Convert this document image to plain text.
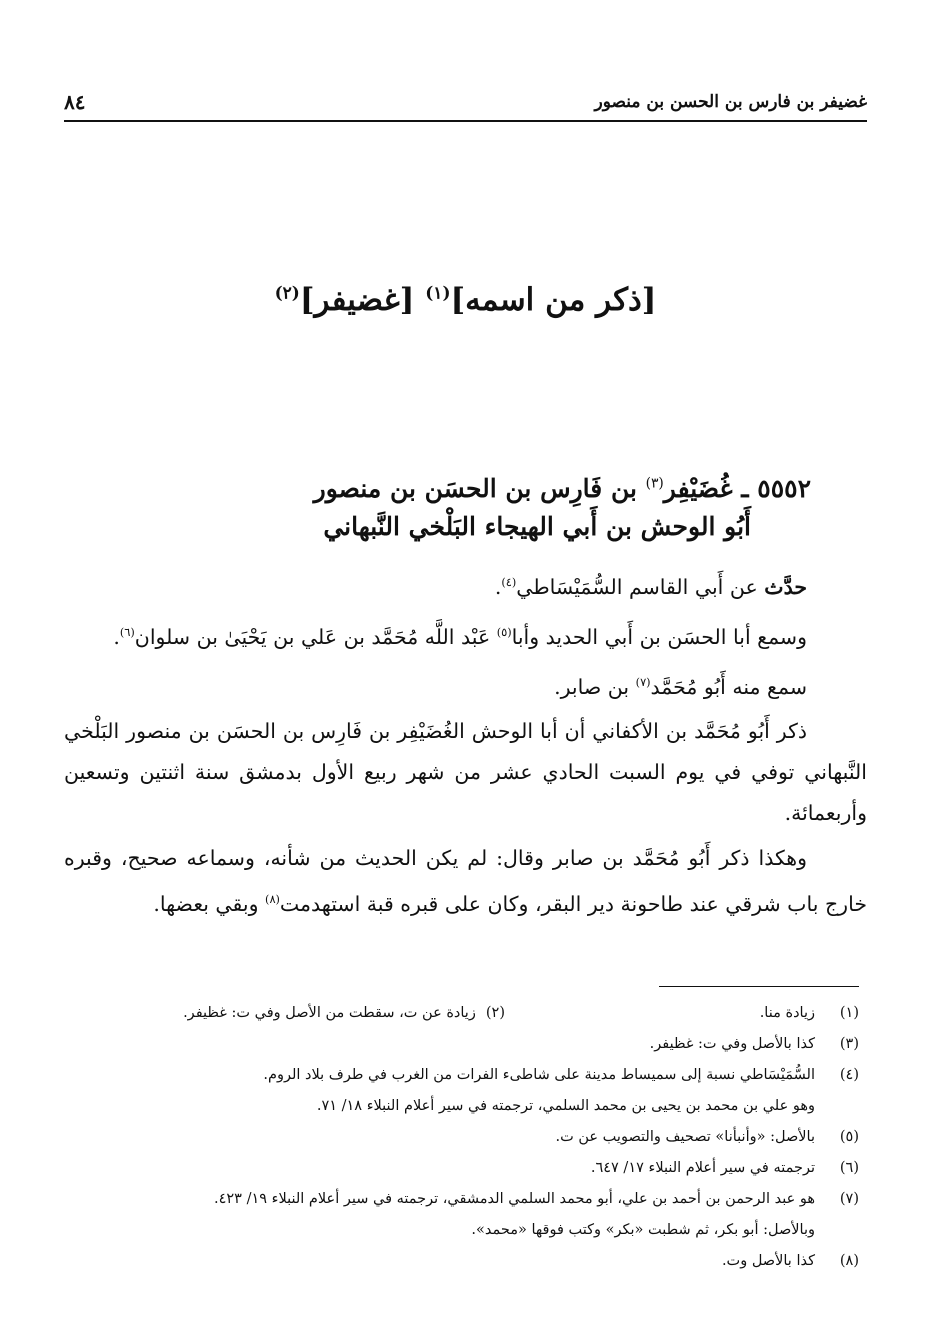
غضيفر بن فارس بن الحسن بن منصور
٨٤
[ذكر من اسمه]$^{(١)}$ [غضيفر]$^{(٢)}$
٥٥٥٢ ـ غُضَيْفِر$^{(٣)}$ بن فَارِس بن الحسَن بن منصور
أَبُو الوحش بن أَبي الهيجاء البَلْخي النَّبهاني

حدَّث عن أَبي القاسم السُّمَيْسَاطي$^{(٤)}$.

وسمع أبا الحسَن بن أَبي الحديد وأبا$^{(٥)}$ عَبْد اللَّه مُحَمَّد بن عَلي بن يَحْيَىٰ بن سلوان$^{(٦)}$.

سمع منه أَبُو مُحَمَّد$^{(٧)}$ بن صابر.

ذكر أَبُو مُحَمَّد بن الأكفاني أن أبا الوحش الغُضَيْفِر بن فَارِس بن الحسَن بن منصور البَلْخي النَّبهاني توفي في يوم السبت الحادي عشر من شهر ربيع الأول بدمشق سنة اثنتين وتسعين وأربعمائة.

وهكذا ذكر أَبُو مُحَمَّد بن صابر وقال: لم يكن الحديث من شأنه، وسماعه صحيح، وقبره خارج باب شرقي عند طاحونة دير البقر، وكان على قبره قبة استهدمت$^{(٨)}$ وبقي بعضها.

(١)
زيادة منا.
(٢)
زيادة عن ت، سقطت من الأصل وفي ت: غظيفر.
(٣)
كذا بالأصل وفي ت: غظيفر.
(٤)
السُّمَيْسَاطي نسبة إلى سميساط مدينة على شاطىء الفرات من الغرب في طرف بلاد الروم.
وهو علي بن محمد بن يحيى بن محمد السلمي، ترجمته في سير أعلام النبلاء ١٨/ ٧١.
(٥)
بالأصل: «وأنبأنا» تصحيف والتصويب عن ت.
(٦)
ترجمته في سير أعلام النبلاء ١٧/ ٦٤٧.
(٧)
هو عبد الرحمن بن أحمد بن علي، أبو محمد السلمي الدمشقي، ترجمته في سير أعلام النبلاء ١٩/ ٤٢٣.
وبالأصل: أبو بكر، ثم شطبت «بكر» وكتب فوقها «محمد».
(٨)
كذا بالأصل وت.
